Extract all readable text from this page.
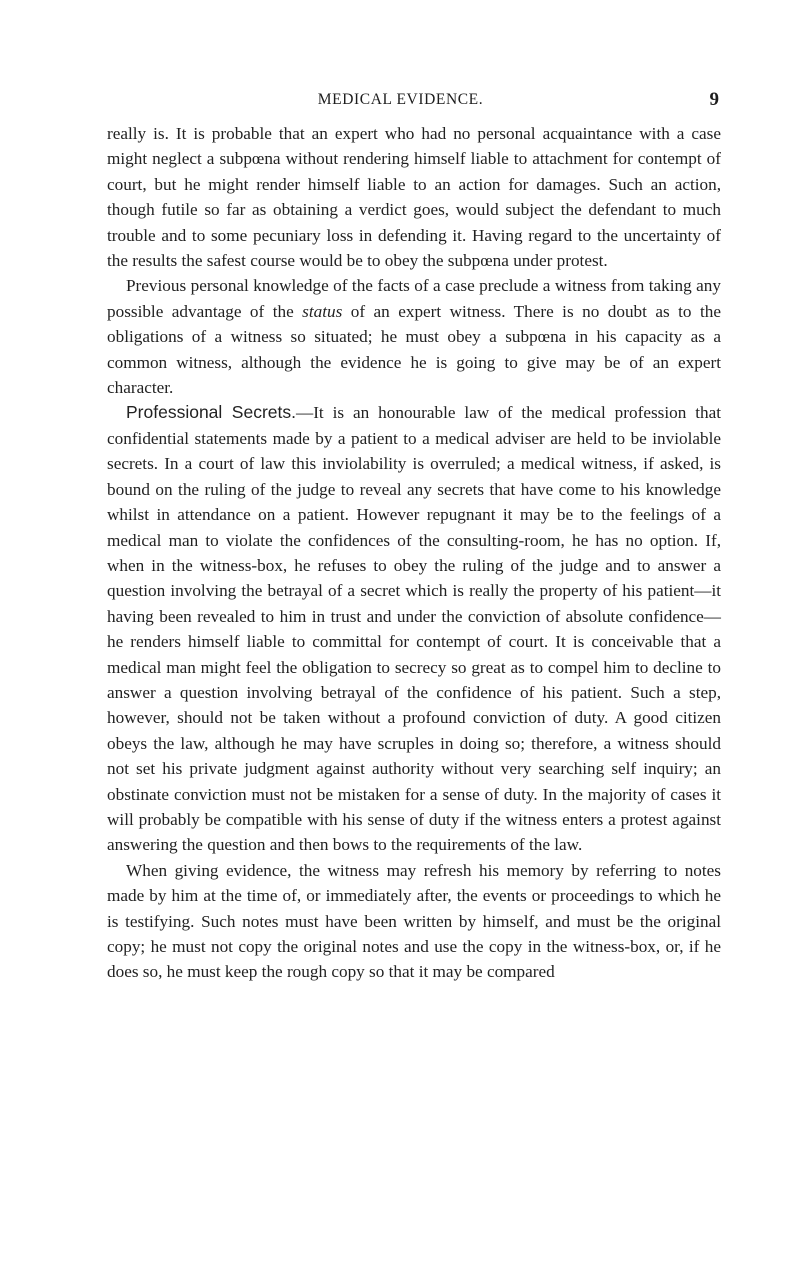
MEDICAL EVIDENCE.	9

really is. It is probable that an expert who had no personal acquaintance with a case might neglect a subpœna without rendering himself liable to attachment for contempt of court, but he might render himself liable to an action for damages. Such an action, though futile so far as obtaining a verdict goes, would subject the defendant to much trouble and to some pecuniary loss in defending it. Having regard to the uncertainty of the results the safest course would be to obey the subpœna under protest.

Previous personal knowledge of the facts of a case preclude a witness from taking any possible advantage of the status of an expert witness. There is no doubt as to the obligations of a witness so situated; he must obey a subpœna in his capacity as a common witness, although the evidence he is going to give may be of an expert character.

Professional Secrets.—It is an honourable law of the medical profession that confidential statements made by a patient to a medical adviser are held to be inviolable secrets. In a court of law this inviolability is overruled; a medical witness, if asked, is bound on the ruling of the judge to reveal any secrets that have come to his knowledge whilst in attendance on a patient. However repugnant it may be to the feelings of a medical man to violate the confidences of the consulting-room, he has no option. If, when in the witness-box, he refuses to obey the ruling of the judge and to answer a question involving the betrayal of a secret which is really the property of his patient—it having been revealed to him in trust and under the conviction of absolute confidence—he renders himself liable to committal for contempt of court. It is conceivable that a medical man might feel the obligation to secrecy so great as to compel him to decline to answer a question involving betrayal of the confidence of his patient. Such a step, however, should not be taken without a profound conviction of duty. A good citizen obeys the law, although he may have scruples in doing so; therefore, a witness should not set his private judgment against authority without very searching self inquiry; an obstinate conviction must not be mistaken for a sense of duty. In the majority of cases it will probably be compatible with his sense of duty if the witness enters a protest against answering the question and then bows to the requirements of the law.

When giving evidence, the witness may refresh his memory by referring to notes made by him at the time of, or immediately after, the events or proceedings to which he is testifying. Such notes must have been written by himself, and must be the original copy; he must not copy the original notes and use the copy in the witness-box, or, if he does so, he must keep the rough copy so that it may be compared
